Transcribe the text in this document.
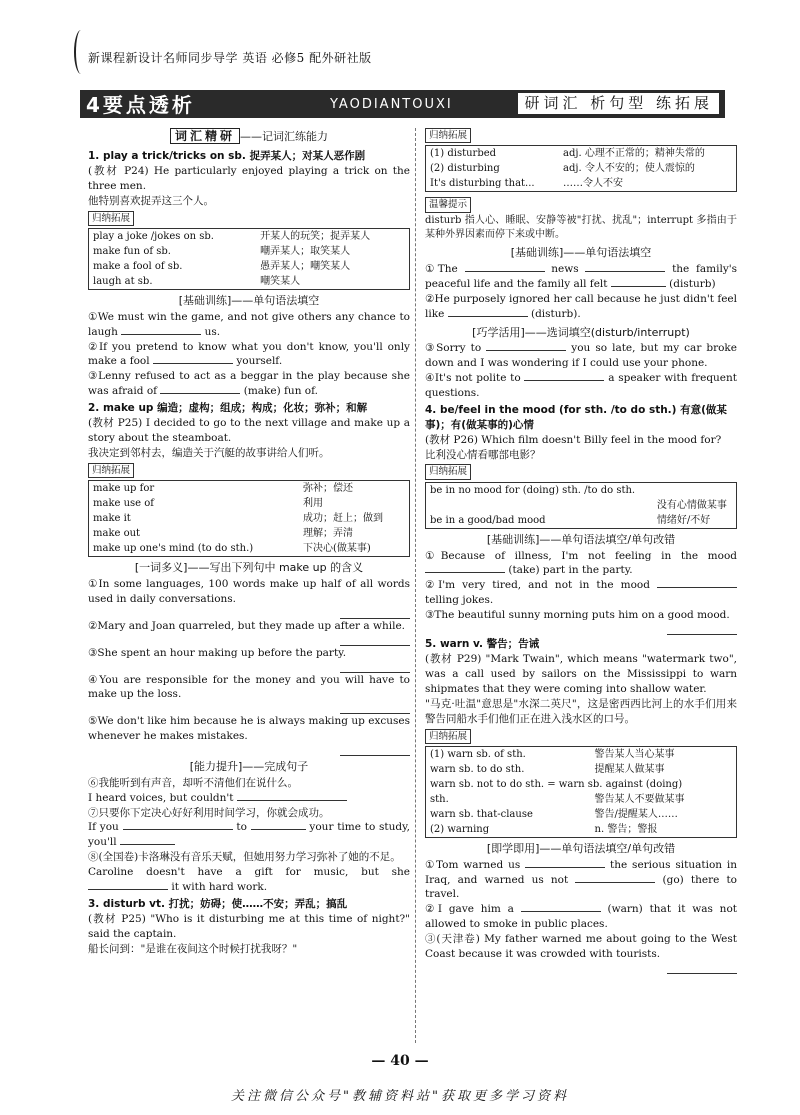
新课程新设计名师同步导学 英语 必修5 配外研社版
4要点透析	YAODIANTOUXI	研词汇 析句型 练拓展
词汇精研 ——记词汇练能力
1. play a trick/tricks on sb. 捉弄某人；对某人恶作剧

(教材 P24) He particularly enjoyed playing a trick on the three men.

他特别喜欢捉弄这三个人。

归纳拓展
play a joke /jokes on sb.	开某人的玩笑；捉弄某人
make fun of sb.	嘲弄某人；取笑某人
make a fool of sb.	愚弄某人；嘲笑某人
laugh at sb.	嘲笑某人
[基础训练]——单句语法填空

①We must win the game, and not give others any chance to laugh	us.

②If you pretend to know what you don't know, you'll only make a fool	yourself.

③Lenny refused to act as a beggar in the play because she was afraid of	(make) fun of.

2. make up 编造；虚构；组成；构成；化妆；弥补；和解

(教材 P25) I decided to go to the next village and make up a story about the steamboat.

我决定到邻村去，编造关于汽艇的故事讲给人们听。

归纳拓展
make up for	弥补；偿还
make use of	利用
make it	成功；赶上；做到
make out	理解；弄清
make up one's mind (to do sth.)	下决心(做某事)
[一词多义]——写出下列句中 make up 的含义

①In some languages, 100 words make up half of all words used in daily conversations.

②Mary and Joan quarreled, but they made up after a while.

③She spent an hour making up before the party.

④You are responsible for the money and you will have to make up the loss.

⑤We don't like him because he is always making up excuses whenever he makes mistakes.

[能力提升]——完成句子

⑥我能听到有声音，却听不清他们在说什么。

I heard voices, but couldn't

⑦只要你下定决心好好利用时间学习，你就会成功。

If you	to	your time to study, you'll

⑧(全国卷)卡洛琳没有音乐天赋，但她用努力学习弥补了她的不足。

Caroline doesn't have a gift for music, but she  it with hard work.

3. disturb vt. 打扰；妨碍；使……不安；弄乱；搞乱

(教材 P25) "Who is it disturbing me at this time of night?" said the captain.

船长问到："是谁在夜间这个时候打扰我呀？"

归纳拓展
(1) disturbed	adj. 心理不正常的；精神失常的
(2) disturbing	adj. 令人不安的；使人震惊的
It's disturbing that...	……令人不安
温馨提示

disturb 指人心、睡眠、安静等被"打扰、扰乱"；interrupt 多指由于某种外界因素而停下来或中断。

[基础训练]——单句语法填空

①The	news	the family's peaceful life and the family all felt	(disturb)

②He purposely ignored her call because he just didn't feel like	(disturb).

[巧学活用]——选词填空(disturb/interrupt)

③Sorry to	you so late, but my car broke down and I was wondering if I could use your phone.

④It's not polite to	a speaker with frequent questions.

4. be/feel in the mood (for sth. /to do sth.) 有意(做某事)；有(做某事的)心情

(教材 P26) Which film doesn't Billy feel in the mood for?

比利没心情看哪部电影？

归纳拓展
be in no mood for (doing) sth. /to do sth.	
	没有心情做某事
be in a good/bad mood	情绪好/不好
[基础训练]——单句语法填空/单句改错

①Because of illness, I'm not feeling in the mood  (take) part in the party.

②I'm very tired, and not in the mood  telling jokes.

③The beautiful sunny morning puts him on a good mood.

5. warn v. 警告；告诫

(教材 P29) "Mark Twain", which means "watermark two", was a call used by sailors on the Mississippi to warn shipmates that they were coming into shallow water.

"马克·吐温"意思是"水深二英尺"，这是密西西比河上的水手们用来警告同船水手们他们正在进入浅水区的口号。

归纳拓展
(1) warn sb. of sth.	警告某人当心某事
warn sb. to do sth.	提醒某人做某事
warn sb. not to do sth. = warn sb. against (doing)	
sth.	警告某人不要做某事
warn sb. that-clause	警告/提醒某人……
(2) warning	n. 警告；警报
[即学即用]——单句语法填空/单句改错

①Tom warned us	the serious situation in Iraq, and warned us not	(go) there to travel.

②I gave him a	(warn) that it was not allowed to smoke in public places.

③(天津卷) My father warned me about going to the West Coast because it was crowded with tourists.

— 40 —
关注微信公众号"教辅资料站"获取更多学习资料
